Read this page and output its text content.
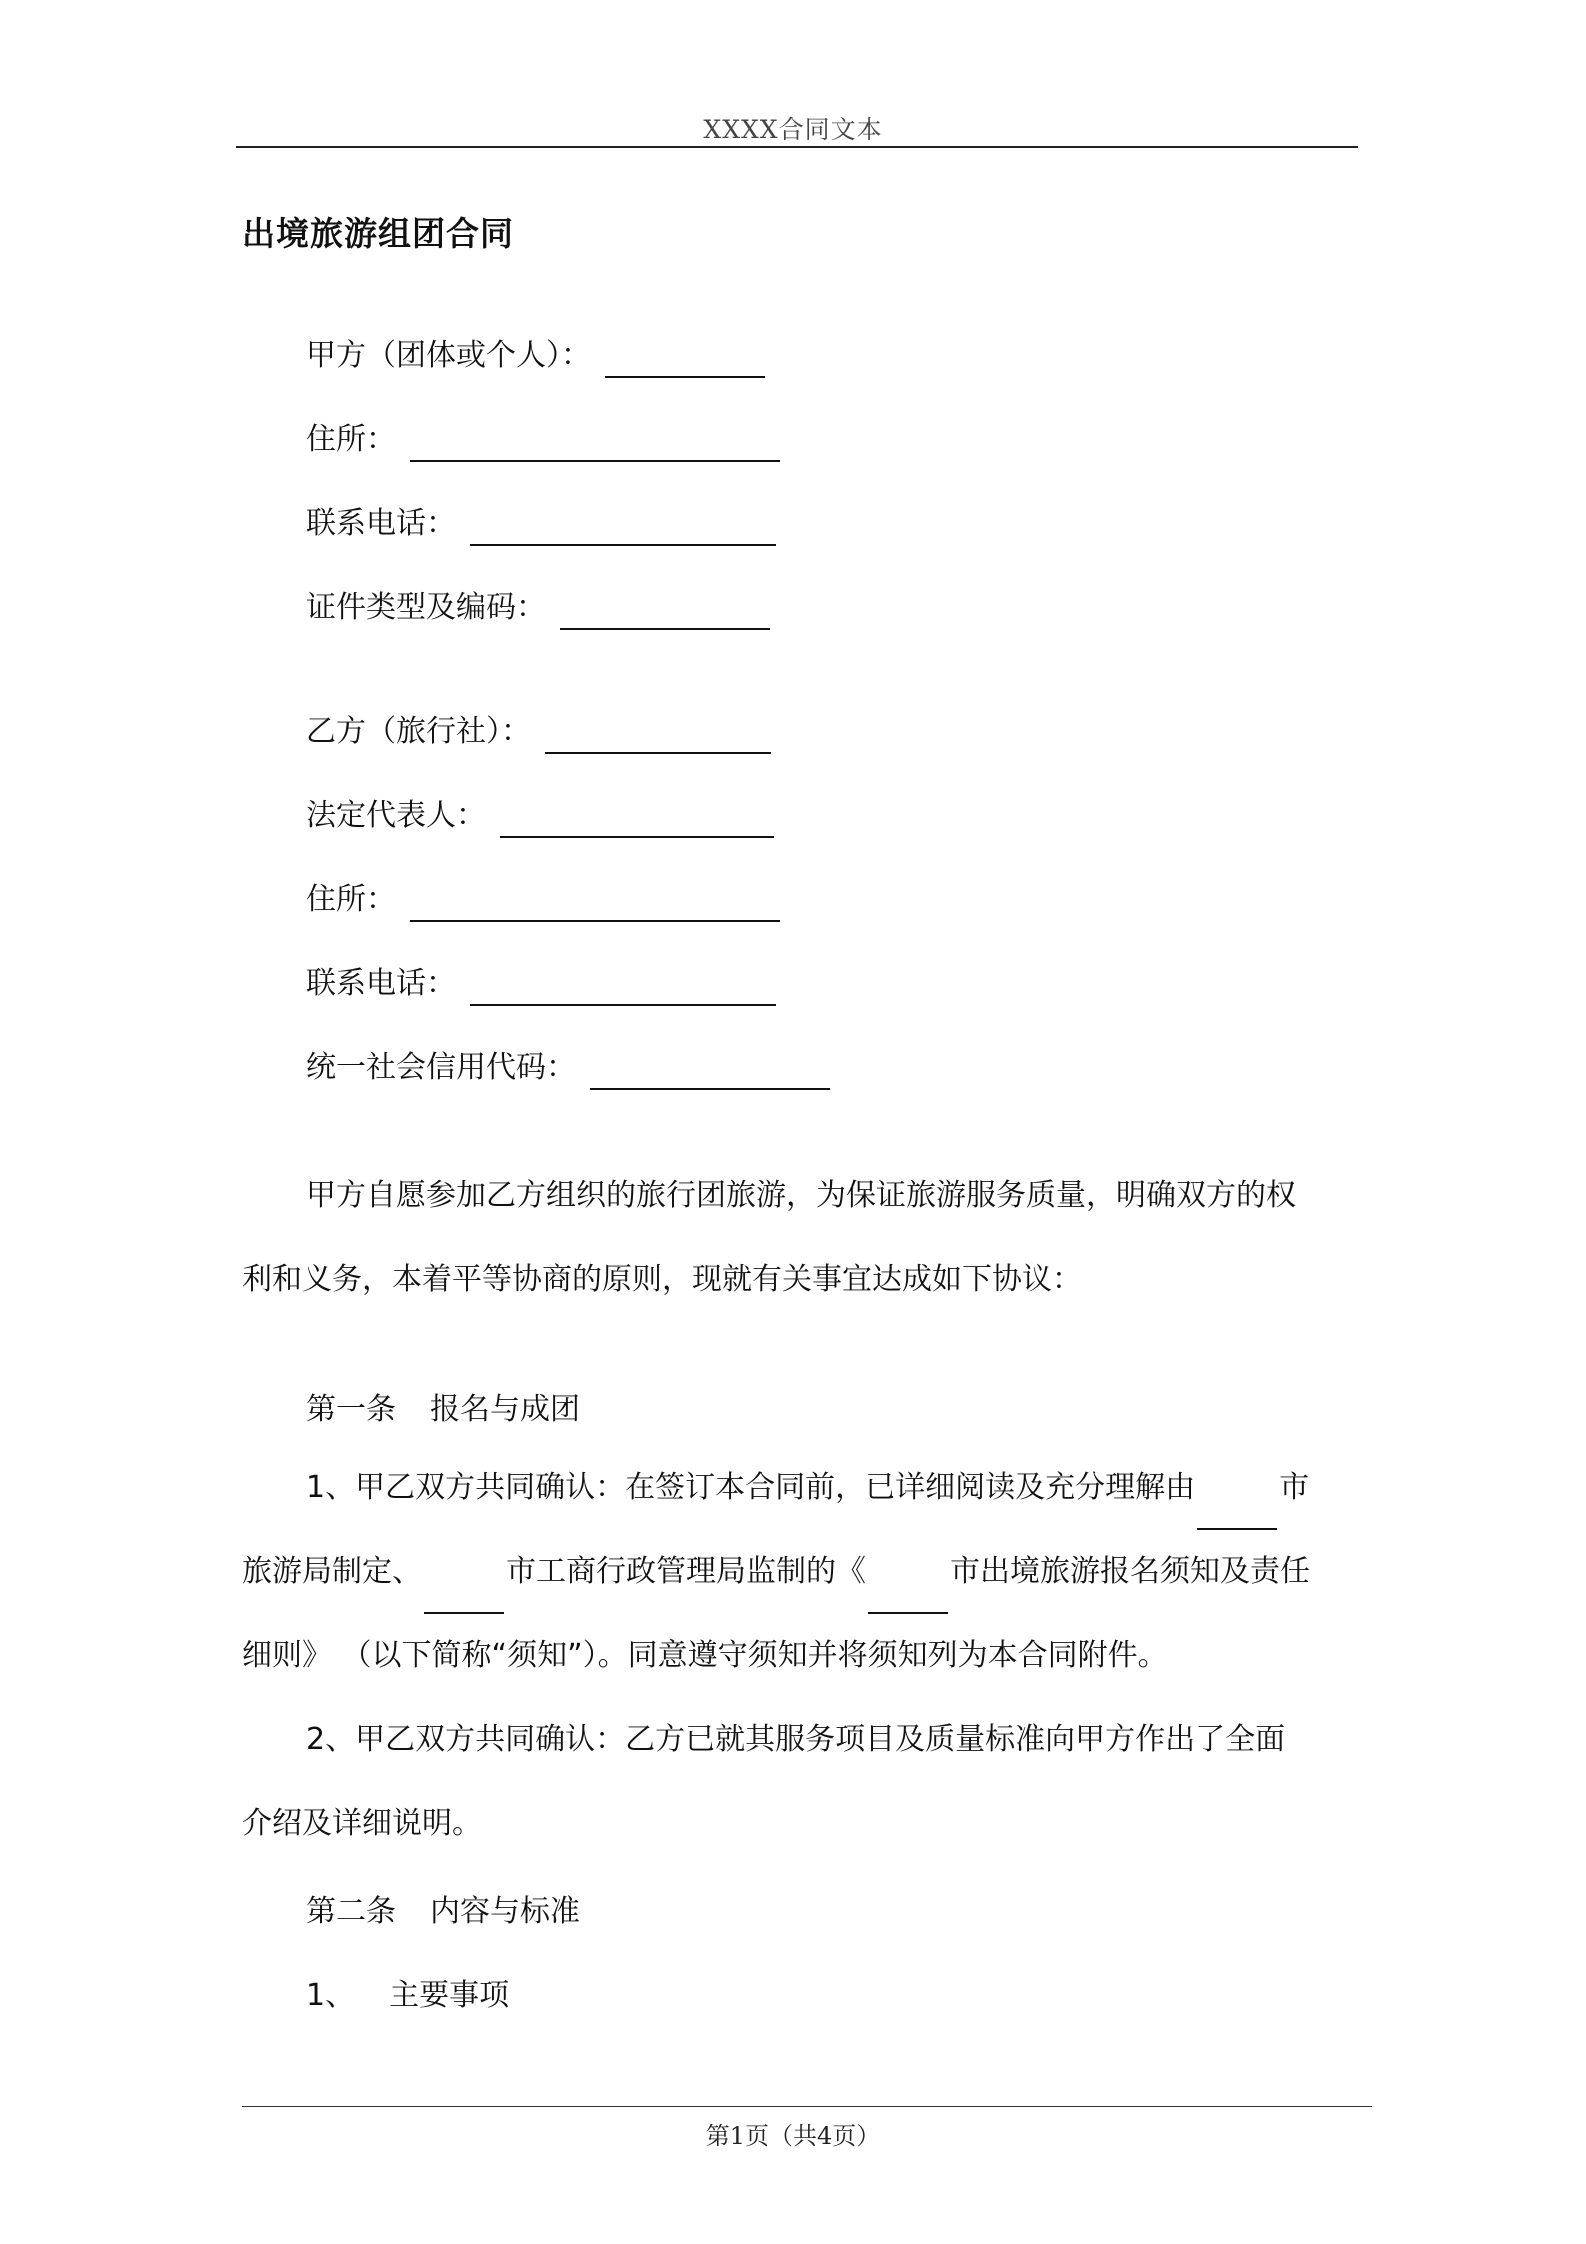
XXXX合同文本
出境旅游组团合同
甲方（团体或个人）：
住所：
联系电话：
证件类型及编码：
乙方（旅行社）：
法定代表人：
住所：
联系电话：
统一社会信用代码：
甲方自愿参加乙方组织的旅行团旅游，为保证旅游服务质量，明确双方的权
利和义务，本着平等协商的原则，现就有关事宜达成如下协议：
第一条 报名与成团
1、甲乙双方共同确认：在签订本合同前，已详细阅读及充分理解由	市
旅游局制定、	市工商行政管理局监制的《	市出境旅游报名须知及责任
细则》 （以下简称“须知”）。同意遵守须知并将须知列为本合同附件。
2、甲乙双方共同确认：乙方已就其服务项目及质量标准向甲方作出了全面
介绍及详细说明。
第二条 内容与标准
1、 主要事项
第1页（共4页）
